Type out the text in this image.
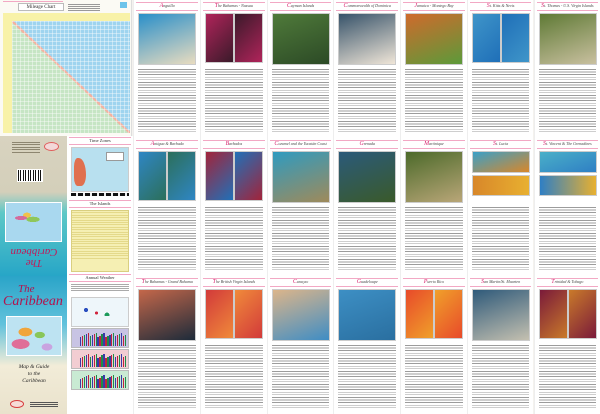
Mileage Chart
The Caribbean
The
Caribbean
Map & Guide
to the
Caribbean
Time Zones
The Islands
Annual Weather
Anguilla	The Bahamas - Nassau	Cayman Islands	Commonwealth of Dominica	Jamaica - Montego Bay	St. Kitts & Nevis	St. Thomas - U.S. Virgin Islands
Antigua & Barbuda	Barbados	Cozumel and the Yucatán Coast	Grenada	Martinique	St. Lucia	St. Vincent & The Grenadines
The Bahamas - Grand Bahama	The British Virgin Islands	Curaçao	Guadeloupe	Puerto Rico	San Martin/St. Maarten	Trinidad & Tobago
